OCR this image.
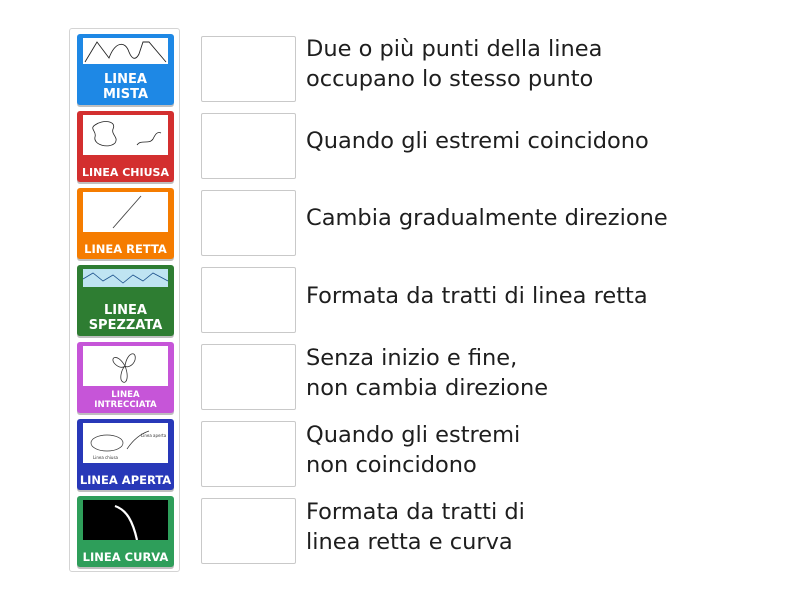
LINEA
MISTA
LINEA CHIUSA
LINEA RETTA
LINEA
SPEZZATA
LINEA INTRECCIATA
Linea chiusa
Linea aperta
LINEA APERTA
LINEA CURVA
Due o più punti della linea
occupano lo stesso punto
Quando gli estremi coincidono
Cambia gradualmente direzione
Formata da tratti di linea retta
Senza inizio e fine,
non cambia direzione
Quando gli estremi
non coincidono
Formata da tratti di
linea retta e curva
